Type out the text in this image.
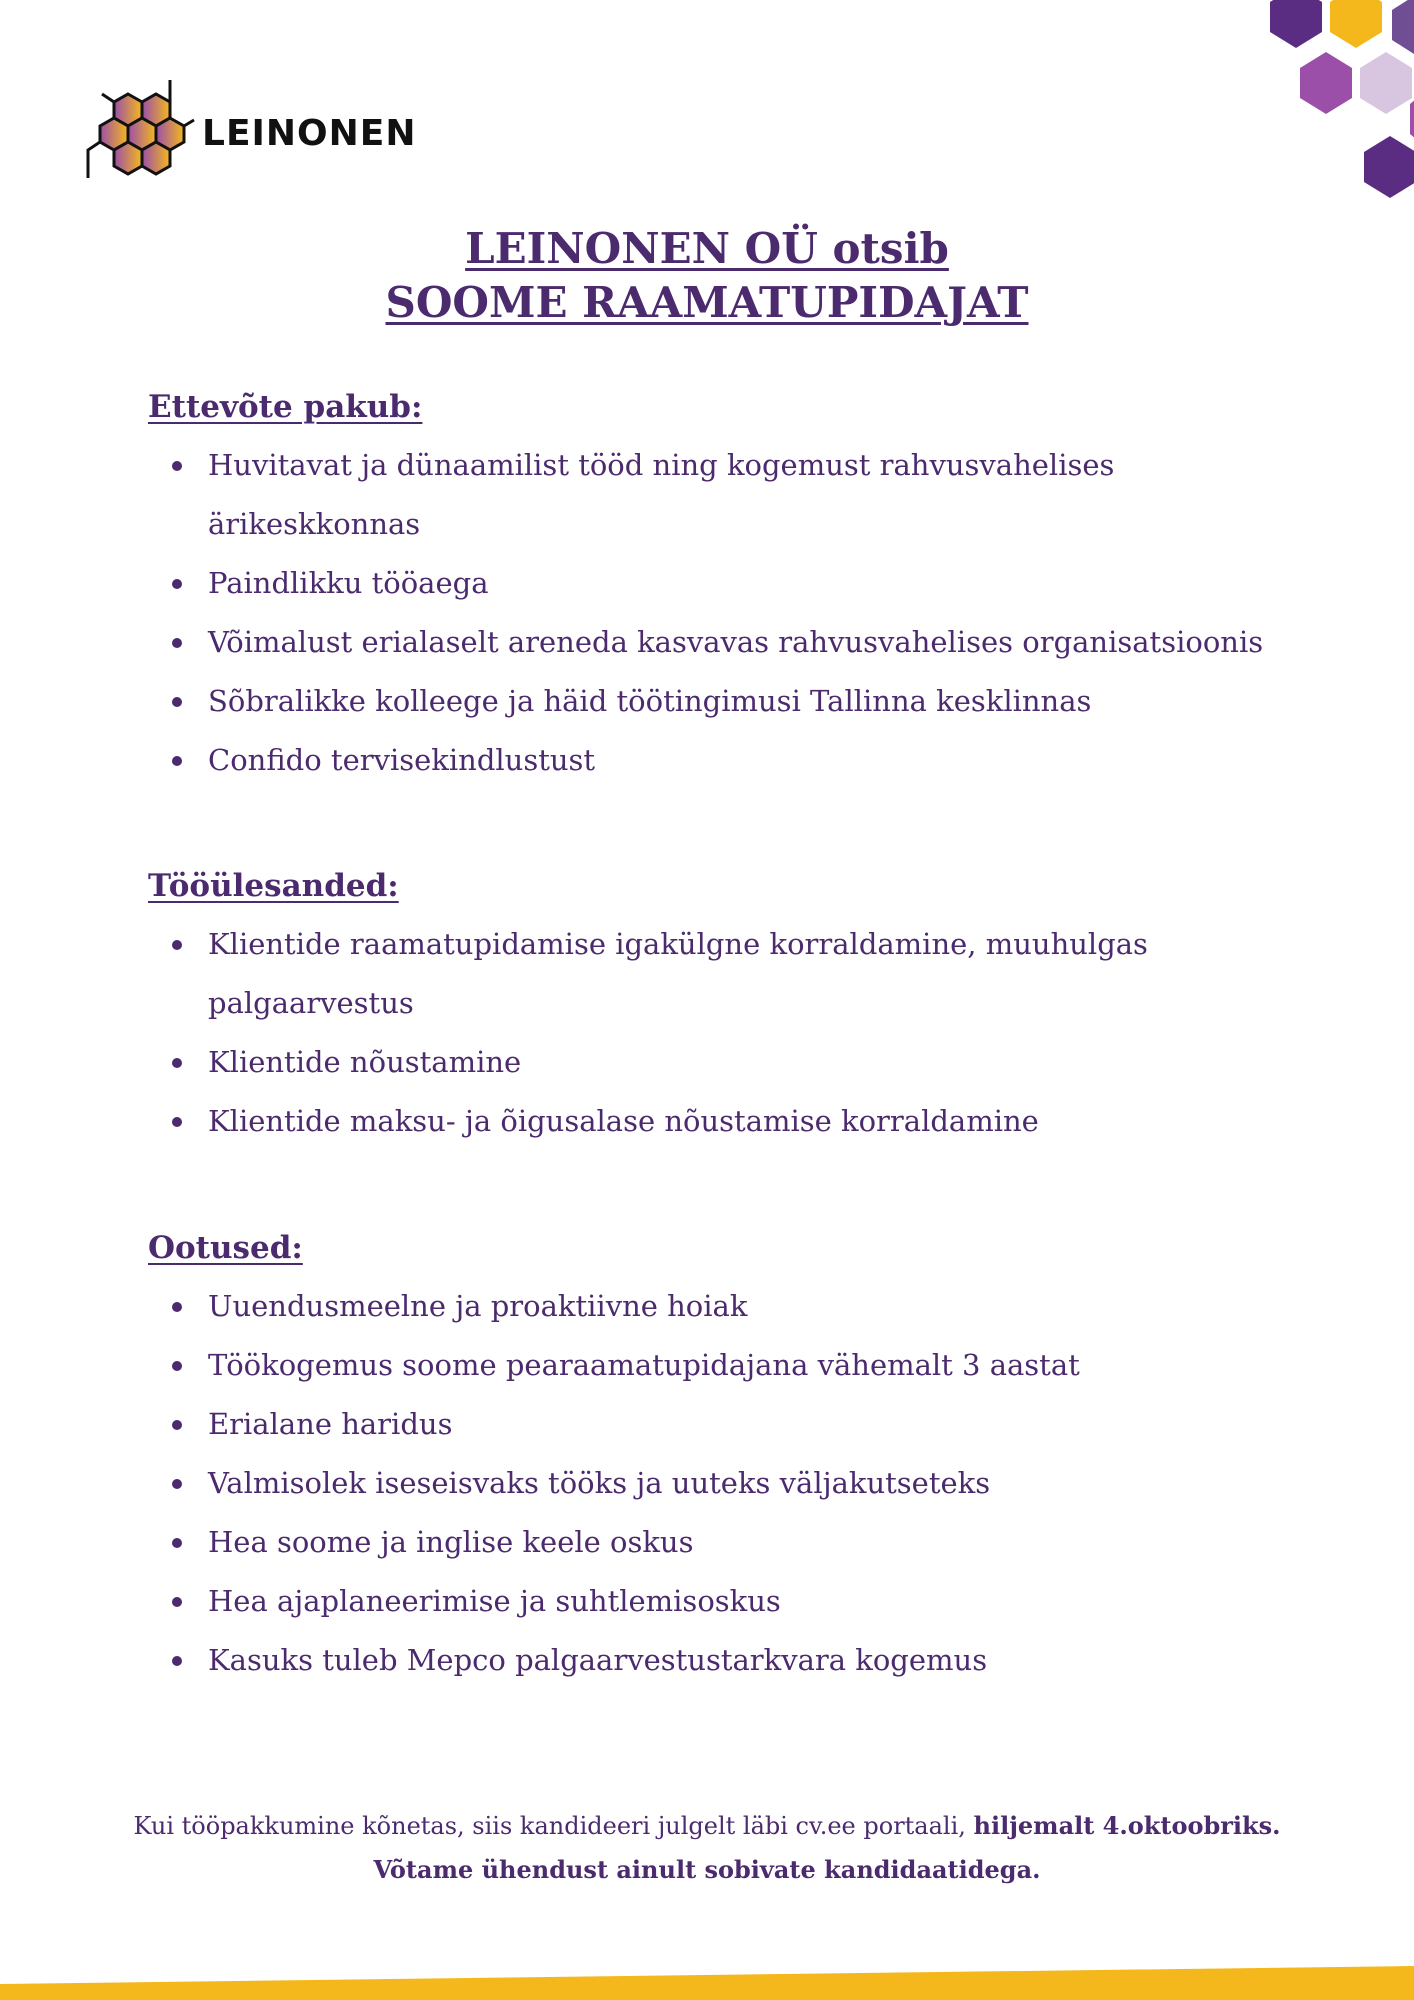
LEINONEN
LEINONEN OÜ otsib
SOOME RAAMATUPIDAJAT
Ettevõte pakub:
Huvitavat ja dünaamilist tööd ning kogemust rahvusvahelises ärikeskkonnas
Paindlikku tööaega
Võimalust erialaselt areneda kasvavas rahvusvahelises organisatsioonis
Sõbralikke kolleege ja häid töötingimusi Tallinna kesklinnas
Confido tervisekindlustust
Tööülesanded:
Klientide raamatupidamise igakülgne korraldamine, muuhulgas palgaarvestus
Klientide nõustamine
Klientide maksu- ja õigusalase nõustamise korraldamine
Ootused:
Uuendusmeelne ja proaktiivne hoiak
Töökogemus soome pearaamatupidajana vähemalt 3 aastat
Erialane haridus
Valmisolek iseseisvaks tööks ja uuteks väljakutseteks
Hea soome ja inglise keele oskus
Hea ajaplaneerimise ja suhtlemisoskus
Kasuks tuleb Mepco palgaarvestustarkvara kogemus
Kui tööpakkumine kõnetas, siis kandideeri julgelt läbi cv.ee portaali, hiljemalt 4.oktoobriks.
Võtame ühendust ainult sobivate kandidaatidega.
